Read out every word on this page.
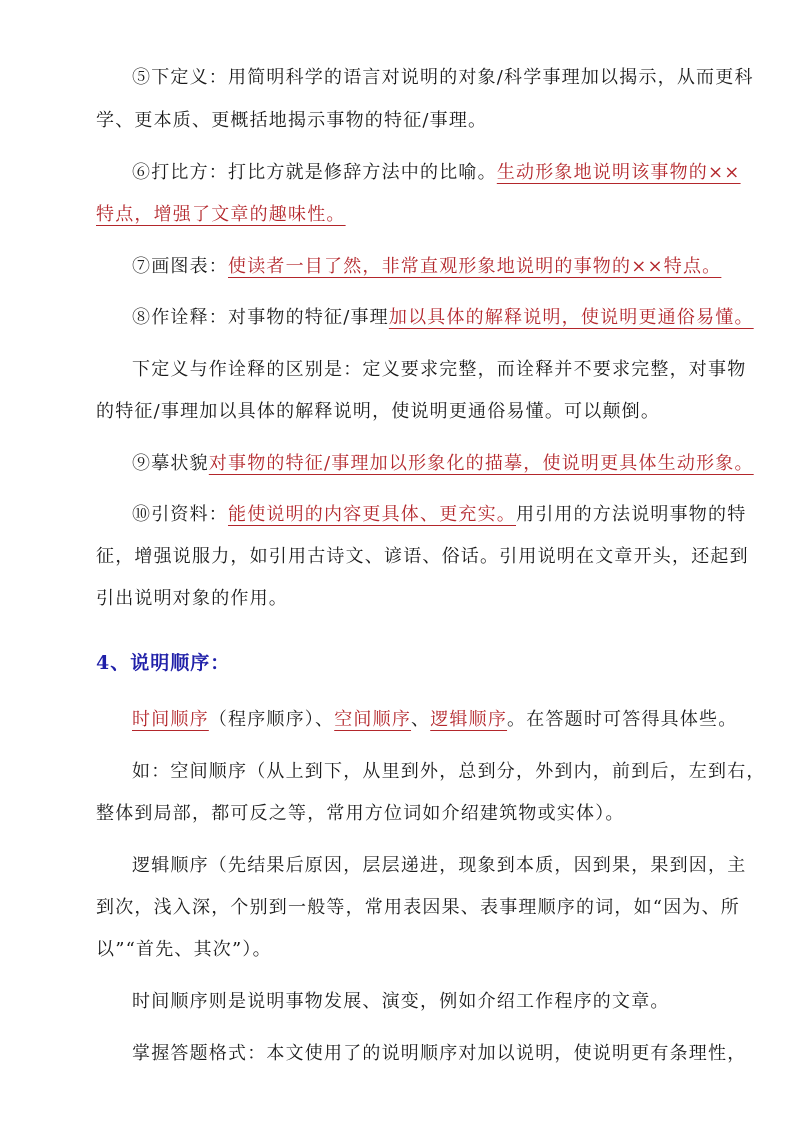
⑤下定义：用简明科学的语言对说明的对象/科学事理加以揭示，从而更科

学、更本质、更概括地揭示事物的特征/事理。

⑥打比方：打比方就是修辞方法中的比喻。生动形象地说明该事物的××

特点，增强了文章的趣味性。

⑦画图表：使读者一目了然，非常直观形象地说明的事物的××特点。

⑧作诠释：对事物的特征/事理加以具体的解释说明，使说明更通俗易懂。

下定义与作诠释的区别是：定义要求完整，而诠释并不要求完整，对事物

的特征/事理加以具体的解释说明，使说明更通俗易懂。可以颠倒。

⑨摹状貌对事物的特征/事理加以形象化的描摹，使说明更具体生动形象。

⑩引资料：能使说明的内容更具体、更充实。用引用的方法说明事物的特

征，增强说服力，如引用古诗文、谚语、俗话。引用说明在文章开头，还起到

引出说明对象的作用。

4、说明顺序：

时间顺序（程序顺序）、空间顺序、逻辑顺序。在答题时可答得具体些。

如：空间顺序（从上到下，从里到外，总到分，外到内，前到后，左到右，

整体到局部，都可反之等，常用方位词如介绍建筑物或实体）。

逻辑顺序（先结果后原因，层层递进，现象到本质，因到果，果到因，主

到次，浅入深，个别到一般等，常用表因果、表事理顺序的词，如“因为、所

以”“首先、其次”）。

时间顺序则是说明事物发展、演变，例如介绍工作程序的文章。

掌握答题格式：本文使用了的说明顺序对加以说明，使说明更有条理性，
